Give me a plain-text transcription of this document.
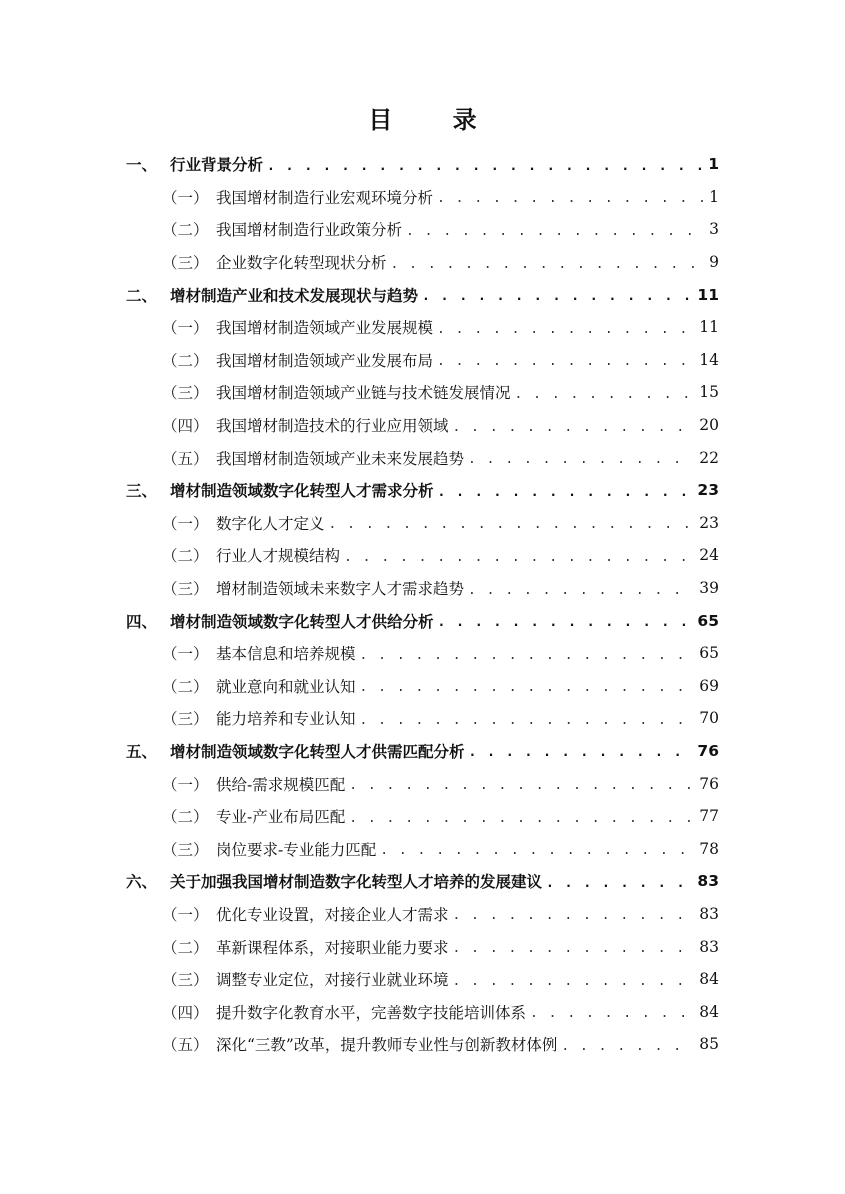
目 录
一、 行业背景分析 . . .	1
（一） 我国增材制造行业宏观环境分析 . . .	1
（二） 我国增材制造行业政策分析 . . .	3
（三） 企业数字化转型现状分析 . . .	9
二、 增材制造产业和技术发展现状与趋势 . . .	11
（一） 我国增材制造领域产业发展规模 . . .	11
（二） 我国增材制造领域产业发展布局 . . .	14
（三） 我国增材制造领域产业链与技术链发展情况 . . .	15
（四） 我国增材制造技术的行业应用领域 . . .	20
（五） 我国增材制造领域产业未来发展趋势 . . .	22
三、 增材制造领域数字化转型人才需求分析 . . .	23
（一） 数字化人才定义 . . .	23
（二） 行业人才规模结构 . . .	24
（三） 增材制造领域未来数字人才需求趋势 . . .	39
四、 增材制造领域数字化转型人才供给分析 . . .	65
（一） 基本信息和培养规模 . . .	65
（二） 就业意向和就业认知 . . .	69
（三） 能力培养和专业认知 . . .	70
五、 增材制造领域数字化转型人才供需匹配分析 . . .	76
（一） 供给-需求规模匹配 . . .	76
（二） 专业-产业布局匹配 . . .	77
（三） 岗位要求-专业能力匹配 . . .	78
六、 关于加强我国增材制造数字化转型人才培养的发展建议 . . .	83
（一） 优化专业设置，对接企业人才需求 . . .	83
（二） 革新课程体系，对接职业能力要求 . . .	83
（三） 调整专业定位，对接行业就业环境 . . .	84
（四） 提升数字化教育水平，完善数字技能培训体系 . . .	84
（五） 深化“三教”改革，提升教师专业性与创新教材体例 . . .	85
